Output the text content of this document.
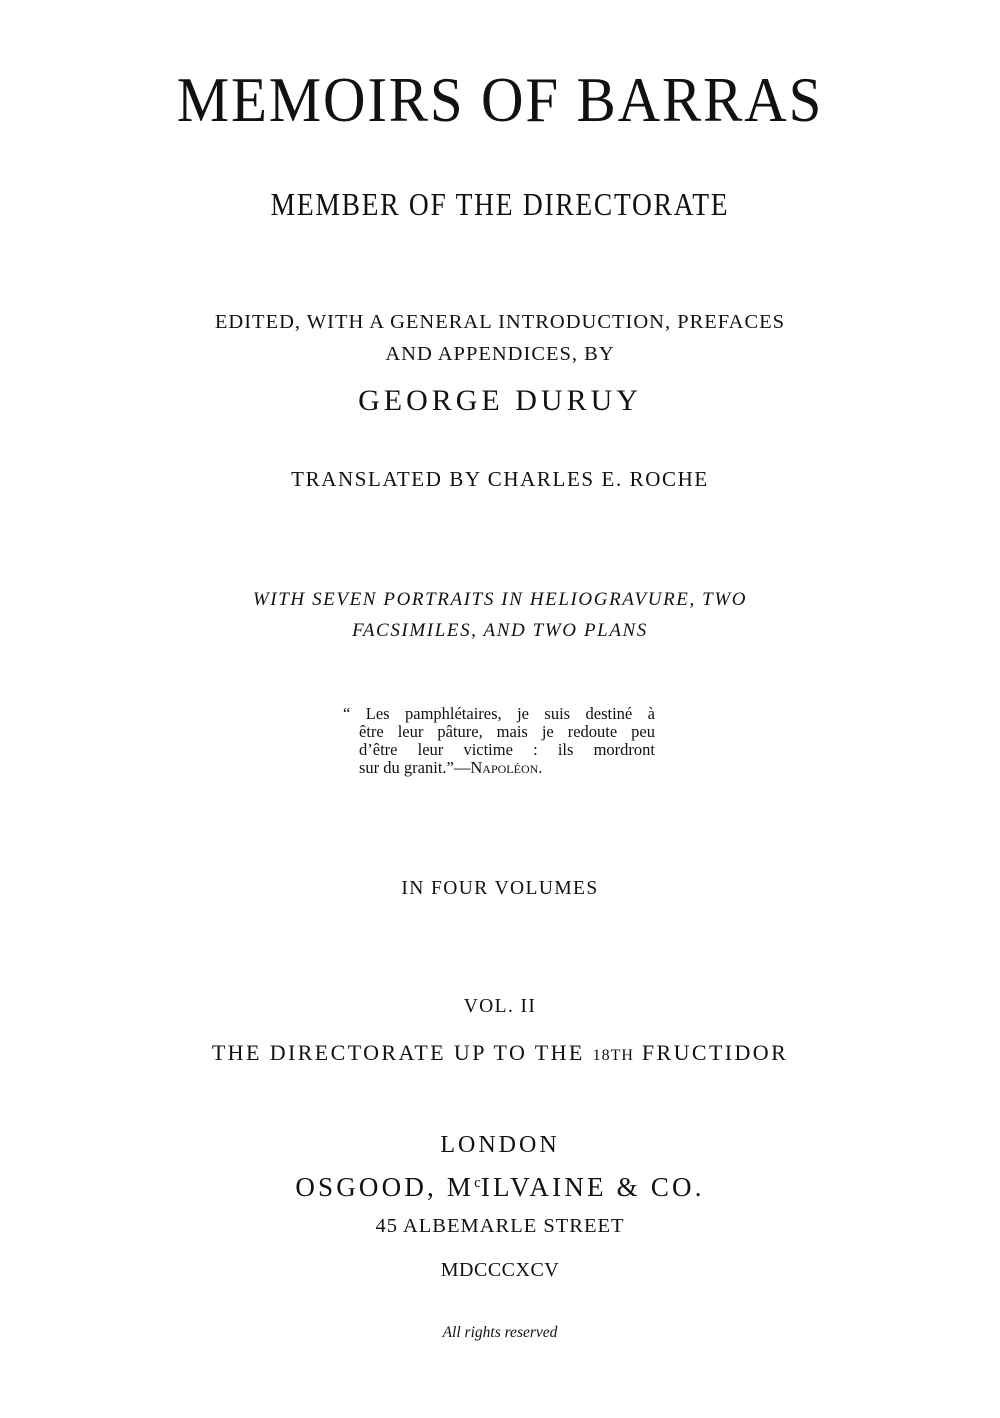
MEMOIRS OF BARRAS
MEMBER OF THE DIRECTORATE
EDITED, WITH A GENERAL INTRODUCTION, PREFACES
AND APPENDICES, BY
GEORGE DURUY
TRANSLATED BY CHARLES E. ROCHE
WITH SEVEN PORTRAITS IN HELIOGRAVURE, TWO
FACSIMILES, AND TWO PLANS
“ Les pamphlétaires, je suis destiné à
être leur pâture, mais je redoute peu
d’être leur victime : ils mordront
sur du granit.”—Napoléon.
IN FOUR VOLUMES
VOL. II
THE DIRECTORATE UP TO THE 18TH FRUCTIDOR
LONDON
OSGOOD, $M^cILVAINE$ & CO.
45 ALBEMARLE STREET
MDCCCXCV
All rights reserved
